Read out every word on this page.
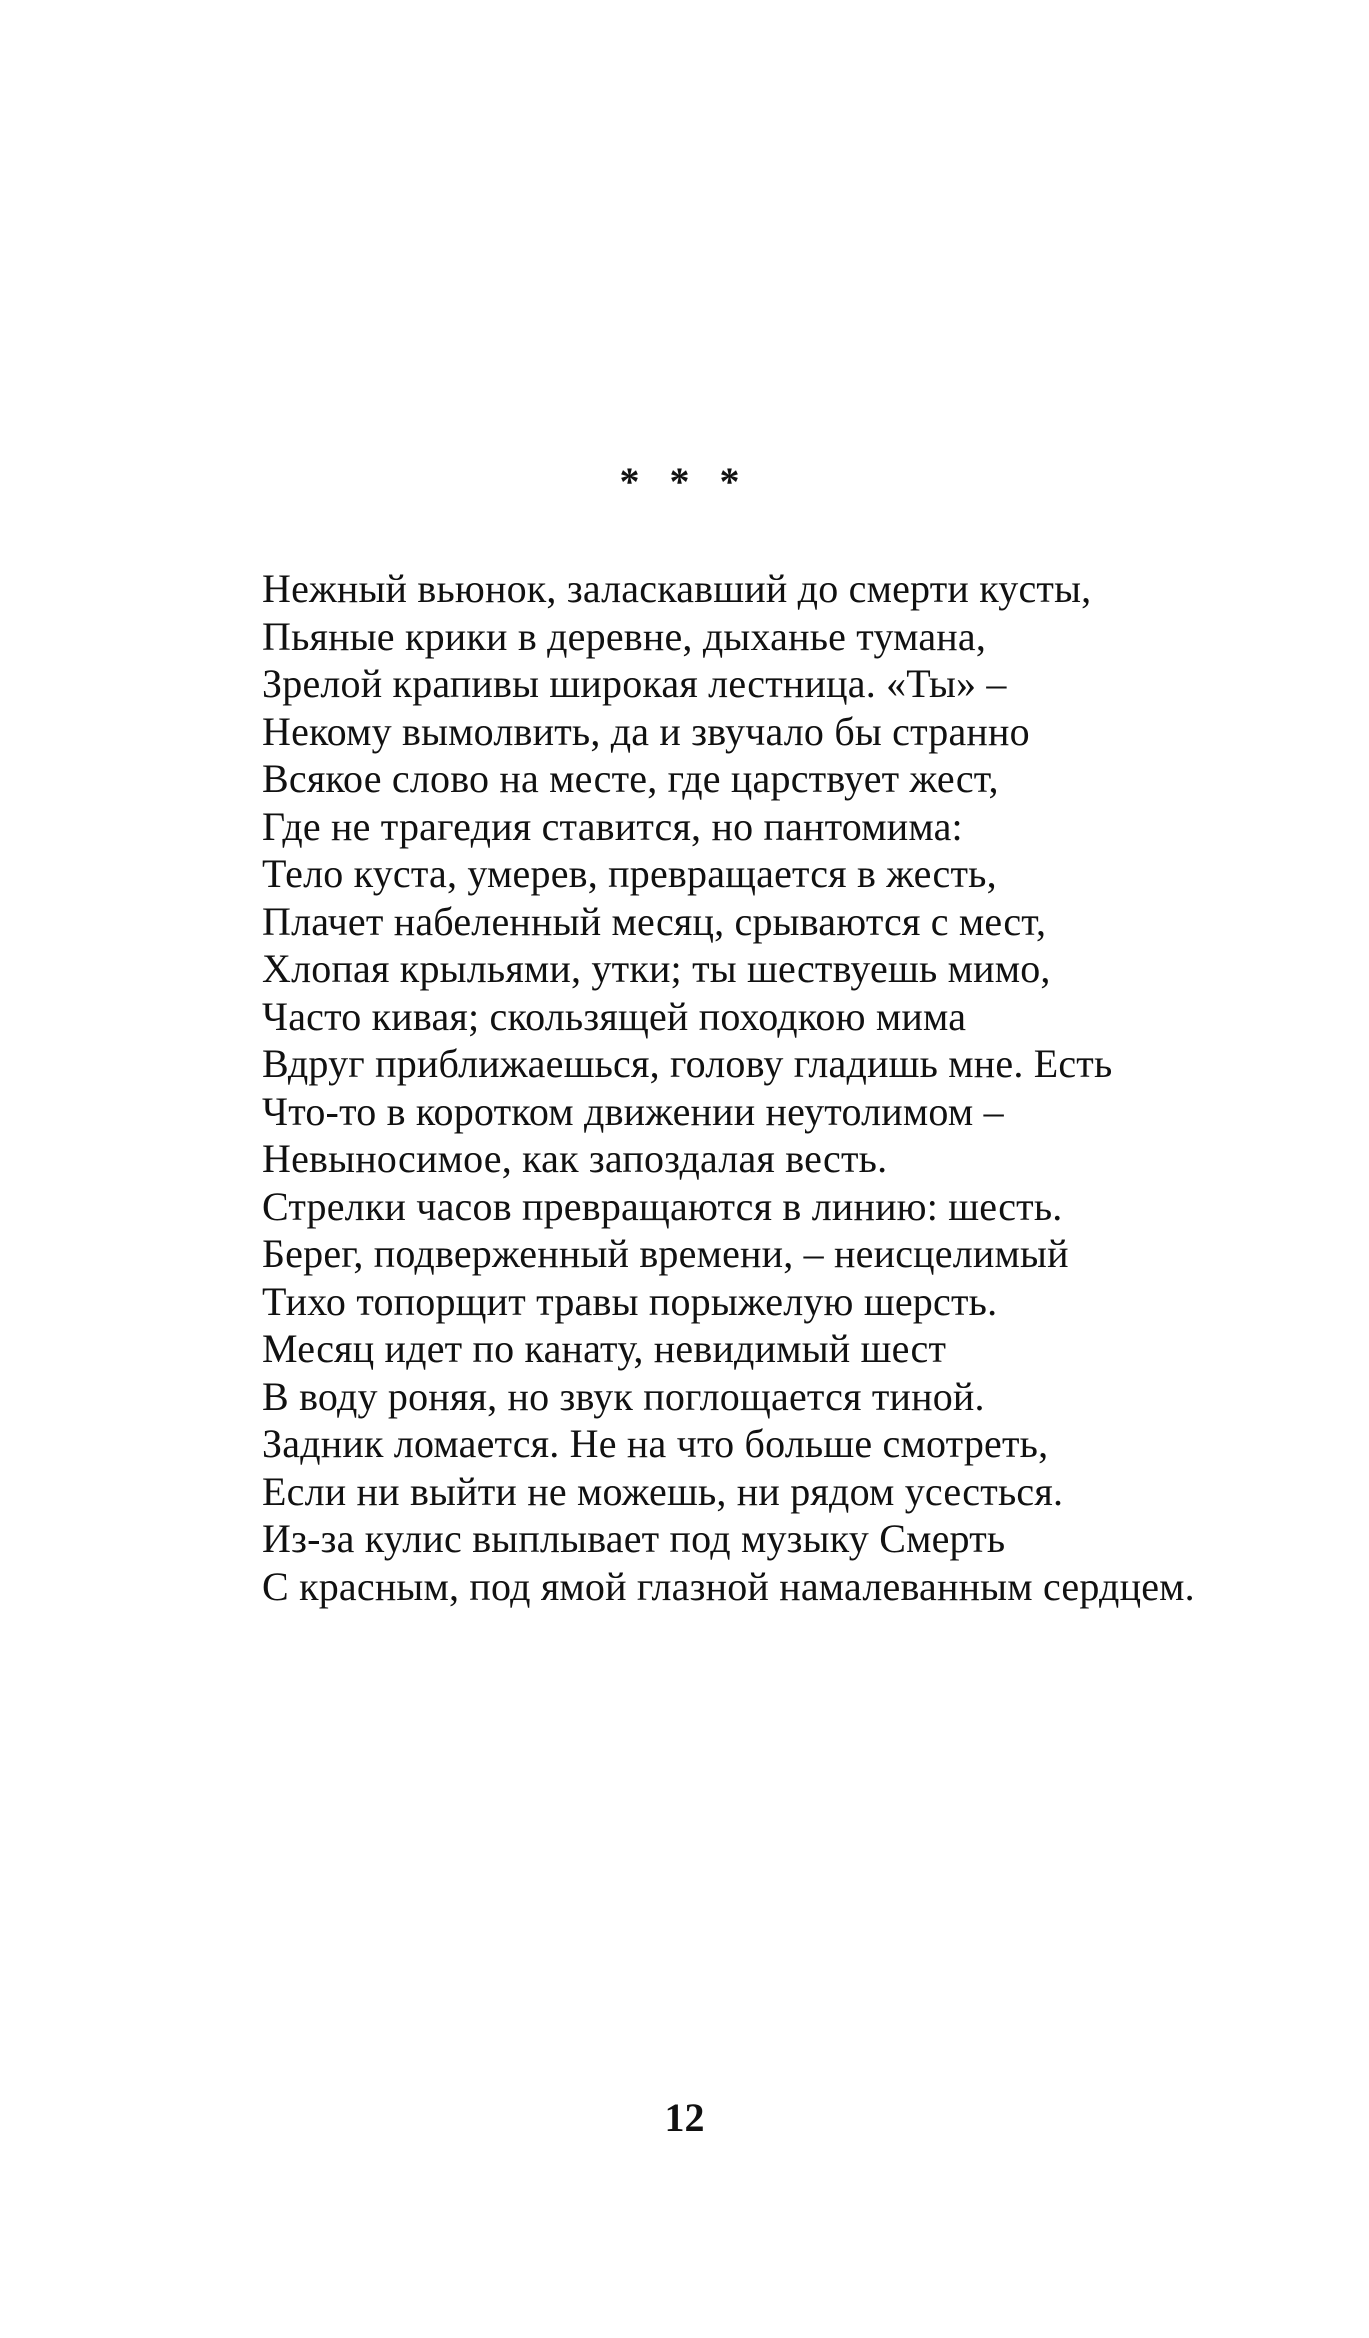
* * *
Нежный вьюнок, заласкавший до смерти кусты,
Пьяные крики в деревне, дыханье тумана,
Зрелой крапивы широкая лестница. «Ты» –
Некому вымолвить, да и звучало бы странно
Всякое слово на месте, где царствует жест,
Где не трагедия ставится, но пантомима:
Тело куста, умерев, превращается в жесть,
Плачет набеленный месяц, срываются с мест,
Хлопая крыльями, утки; ты шествуешь мимо,
Часто кивая; скользящей походкою мима
Вдруг приближаешься, голову гладишь мне. Есть
Что-то в коротком движении неутолимом –
Невыносимое, как запоздалая весть.
Стрелки часов превращаются в линию: шесть.
Берег, подверженный времени, – неисцелимый
Тихо топорщит травы порыжелую шерсть.
Месяц идет по канату, невидимый шест
В воду роняя, но звук поглощается тиной.
Задник ломается. Не на что больше смотреть,
Если ни выйти не можешь, ни рядом усесться.
Из-за кулис выплывает под музыку Смерть
С красным, под ямой глазной намалеванным сердцем.
12
